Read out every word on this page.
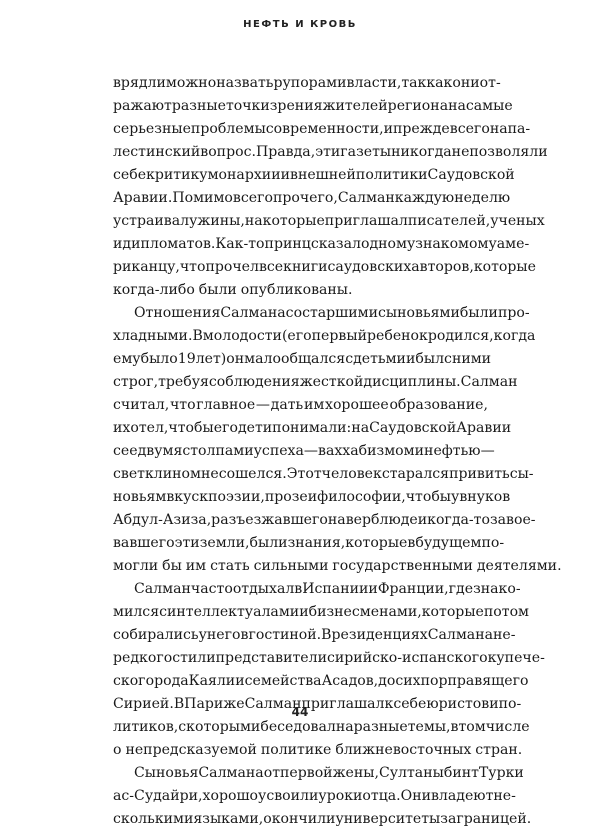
НЕФТЬ И КРОВЬ
вряд ли можно назвать рупорами власти, так как они от-
ражают разные точки зрения жителей региона на самые
серьезные проблемы современности, и прежде всего на па-
лестинский вопрос. Правда, эти газеты никогда не позволяли
себе критику монархии и внешней политики Саудовской
Аравии. Помимо всего прочего, Салман каждую неделю
устраивал ужины, на которые приглашал писателей, ученых
и дипломатов. Как-то принц сказал одному знакомому аме-
риканцу, что прочел все книги саудовских авторов, которые
когда-либо были опубликованы.
Отношения Салмана со старшими сыновьями были про-
хладными. В молодости (его первый ребенок родился, когда
ему было 19 лет) он мало общался с детьми и был с ними
строг, требуя соблюдения жесткой дисциплины. Салман
считал, что главное — дать им хорошее образование,
и хотел, чтобы его дети понимали: на Саудовской Аравии
с ее двумя столпами успеха — ваххабизмом и нефтью —
свет клином не сошелся. Этот человек старался привить сы-
новьям вкус к поэзии, прозе и философии, чтобы у внуков
Абдул-Азиза, разъезжавшего на верблюде и когда-то завое-
вавшего эти земли, были знания, которые в будущем по-
могли бы им стать сильными государственными деятелями.
Салман часто отдыхал в Испании и Франции, где знако-
мился с интеллектуалами и бизнесменами, которые потом
собирались у него в гостиной. В резиденциях Салмана не-
редко гостили представители сирийско-испанского купече-
ского рода Каяли и семейства Асадов, до сих пор правящего
Сирией. В Париже Салман приглашал к себе юристов и по-
литиков, с которыми беседовал на разные темы, в том числе
о непредсказуемой политике ближневосточных стран.
Сыновья Салмана от первой жены, Султаны бинт Турки
ас-Судайри, хорошо усвоили уроки отца. Они владеют не-
сколькими языками, окончили университеты за границей.
44
